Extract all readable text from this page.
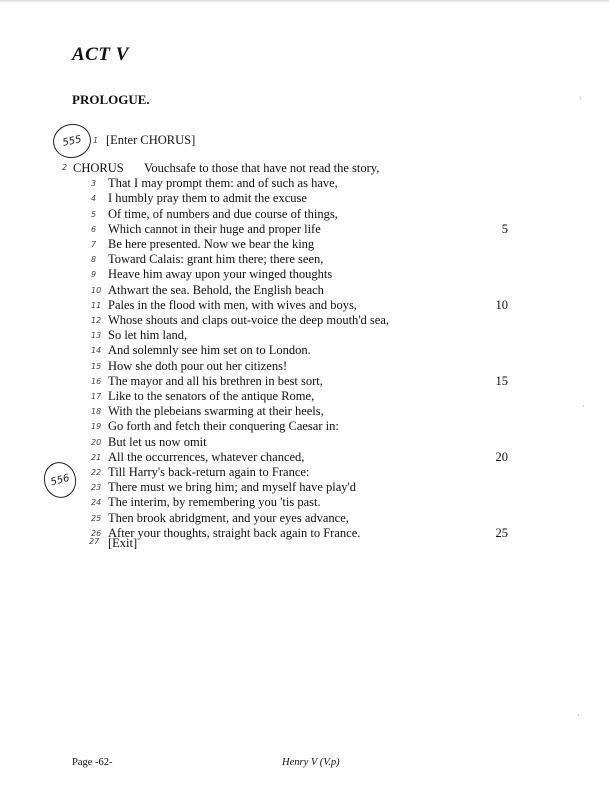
ACT V
PROLOGUE.
555
556
1 [Enter CHORUS]
2 CHORUS Vouchsafe to those that have not read the story,
3 That I may prompt them: and of such as have,
4 I humbly pray them to admit the excuse
5 Of time, of numbers and due course of things,
6 Which cannot in their huge and proper life	5
7 Be here presented. Now we bear the king
8 Toward Calais: grant him there; there seen,
9 Heave him away upon your winged thoughts
10 Athwart the sea. Behold, the English beach
11 Pales in the flood with men, with wives and boys,	10
12 Whose shouts and claps out-voice the deep mouth'd sea,
13 So let him land,
14 And solemnly see him set on to London.
15 How she doth pour out her citizens!
16 The mayor and all his brethren in best sort,	15
17 Like to the senators of the antique Rome,
18 With the plebeians swarming at their heels,
19 Go forth and fetch their conquering Caesar in:
20 But let us now omit
21 All the occurrences, whatever chanced,	20
22 Till Harry's back-return again to France:
23 There must we bring him; and myself have play'd
24 The interim, by remembering you 'tis past.
25 Then brook abridgment, and your eyes advance,
26 After your thoughts, straight back again to France.	25
27 [Exit]
Page -62-	Henry V (V.p)
·
·
·
